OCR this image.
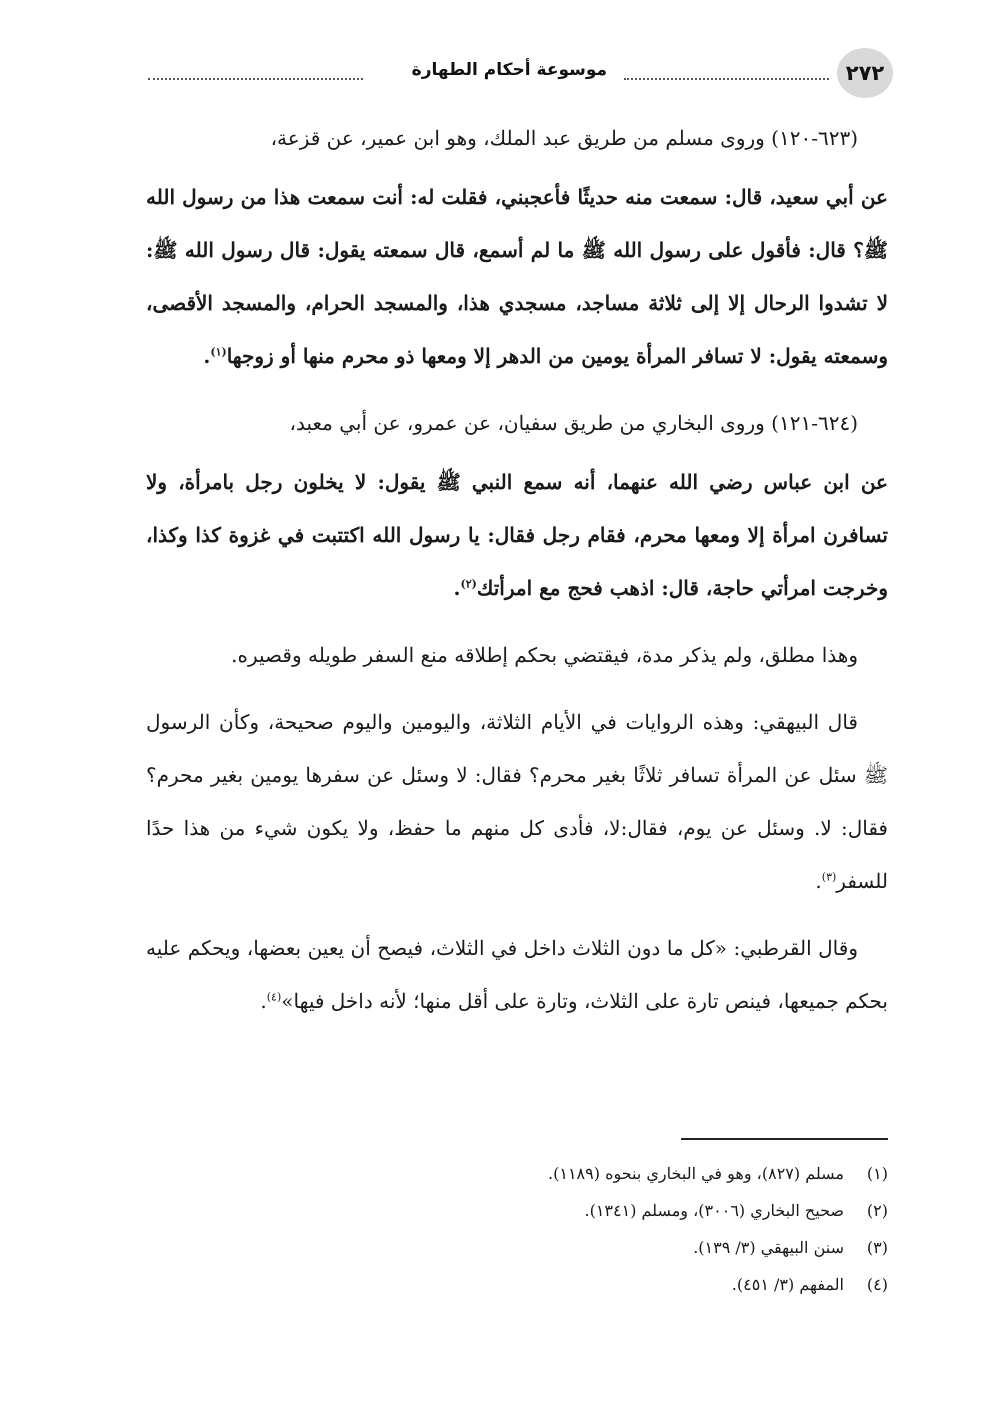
٢٧٢
موسوعة أحكام الطهارة

(٦٢٣-١٢٠) وروى مسلم من طريق عبد الملك، وهو ابن عمير، عن قزعة،

عن أبي سعيد، قال: سمعت منه حديثًا فأعجبني، فقلت له: أنت سمعت هذا من رسول الله ﷺ؟ قال: فأقول على رسول الله ﷺ ما لم أسمع، قال سمعته يقول: قال رسول الله ﷺ: لا تشدوا الرحال إلا إلى ثلاثة مساجد، مسجدي هذا، والمسجد الحرام، والمسجد الأقصى، وسمعته يقول: لا تسافر المرأة يومين من الدهر إلا ومعها ذو محرم منها أو زوجها$^{(١)}$.

(٦٢٤-١٢١) وروى البخاري من طريق سفيان، عن عمرو، عن أبي معبد،

عن ابن عباس رضي الله عنهما، أنه سمع النبي ﷺ يقول: لا يخلون رجل بامرأة، ولا تسافرن امرأة إلا ومعها محرم، فقام رجل فقال: يا رسول الله اكتتبت في غزوة كذا وكذا، وخرجت امرأتي حاجة، قال: اذهب فحج مع امرأتك$^{(٢)}$.

وهذا مطلق، ولم يذكر مدة، فيقتضي بحكم إطلاقه منع السفر طويله وقصيره.

قال البيهقي: وهذه الروايات في الأيام الثلاثة، واليومين واليوم صحيحة، وكأن الرسول ﷺ سئل عن المرأة تسافر ثلاثًا بغير محرم؟ فقال: لا وسئل عن سفرها يومين بغير محرم؟ فقال: لا. وسئل عن يوم، فقال:لا، فأدى كل منهم ما حفظ، ولا يكون شيء من هذا حدًا للسفر$^{(٣)}$.

وقال القرطبي: «كل ما دون الثلاث داخل في الثلاث، فيصح أن يعين بعضها، ويحكم عليه بحكم جميعها، فينص تارة على الثلاث، وتارة على أقل منها؛ لأنه داخل فيها»$^{(٤)}$.

(١)مسلم (٨٢٧)، وهو في البخاري بنحوه (١١٨٩).

(٢)صحيح البخاري (٣٠٠٦)، ومسلم (١٣٤١).

(٣)سنن البيهقي (٣/ ١٣٩).

(٤)المفهم (٣/ ٤٥١).
